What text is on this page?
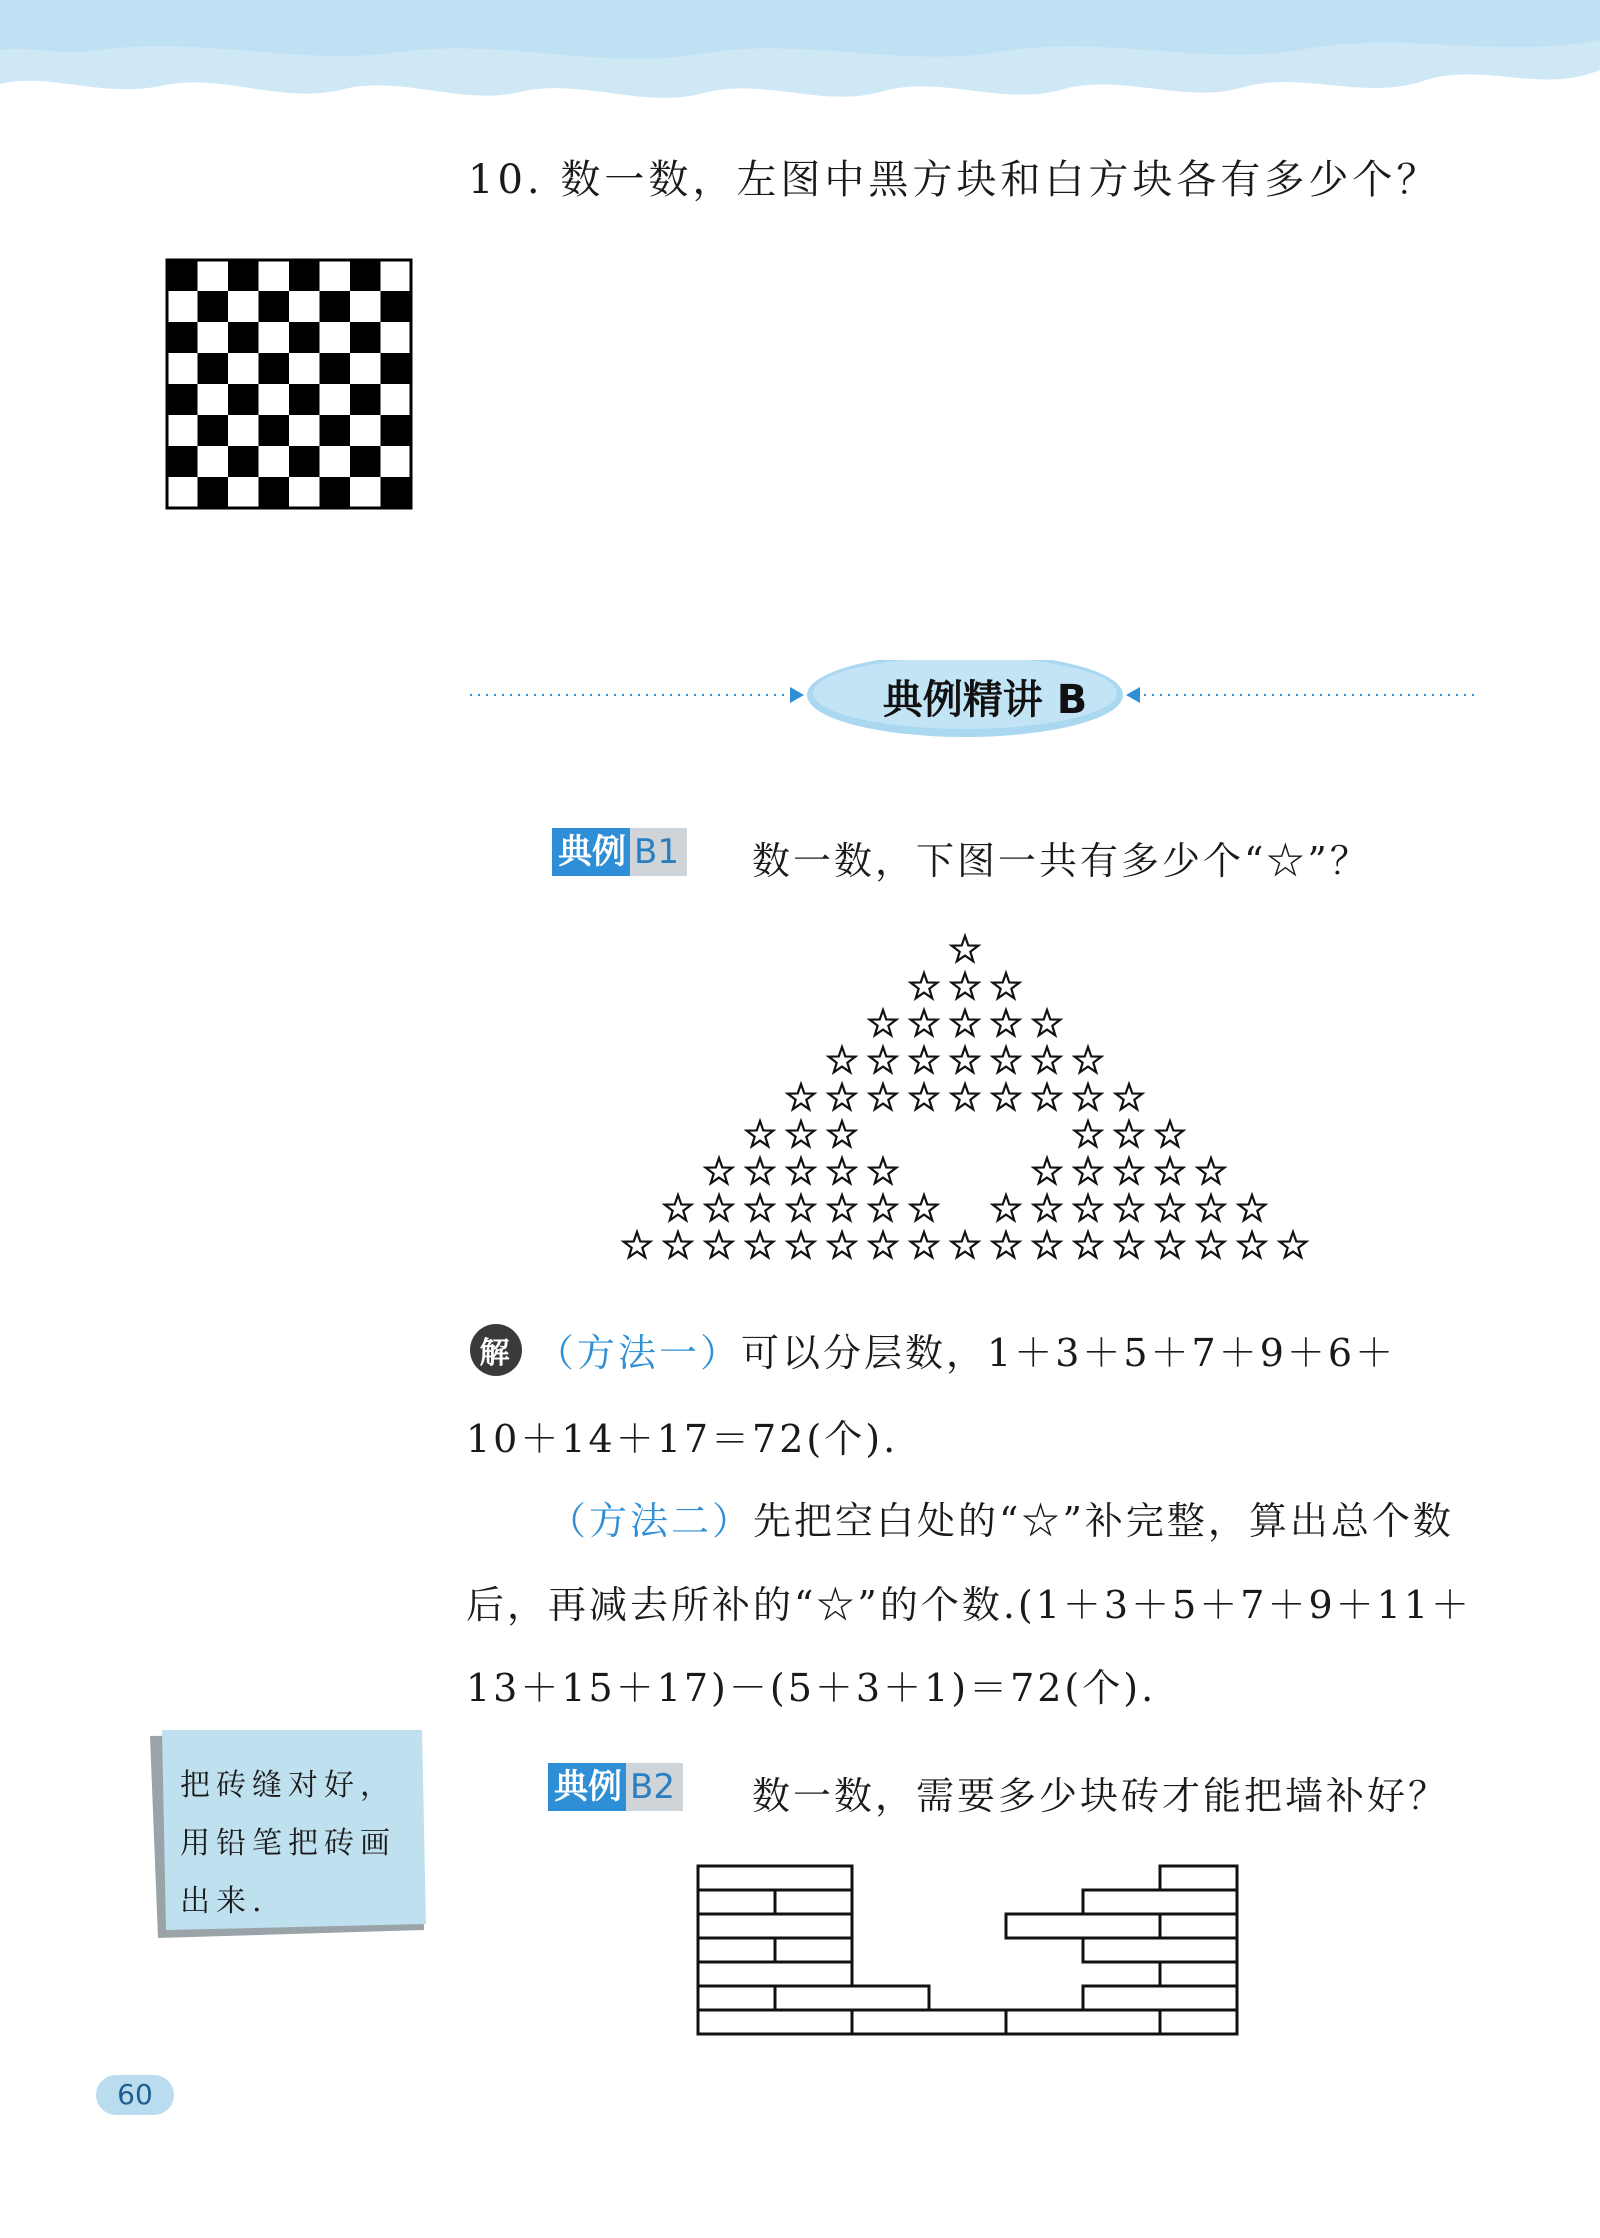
10. 数一数，左图中黑方块和白方块各有多少个？
典例精讲 B
典例 B1 数一数，下图一共有多少个“☆”？
解 （方法一） 可以分层数，1＋3＋5＋7＋9＋6＋
10＋14＋17＝72(个).
（方法二）先把空白处的“☆”补完整，算出总个数
后，再减去所补的“☆”的个数.(1＋3＋5＋7＋9＋11＋
13＋15＋17)－(5＋3＋1)＝72(个).
把砖缝对好，
用铅笔把砖画
出来.
典例 B2 数一数，需要多少块砖才能把墙补好？
60
